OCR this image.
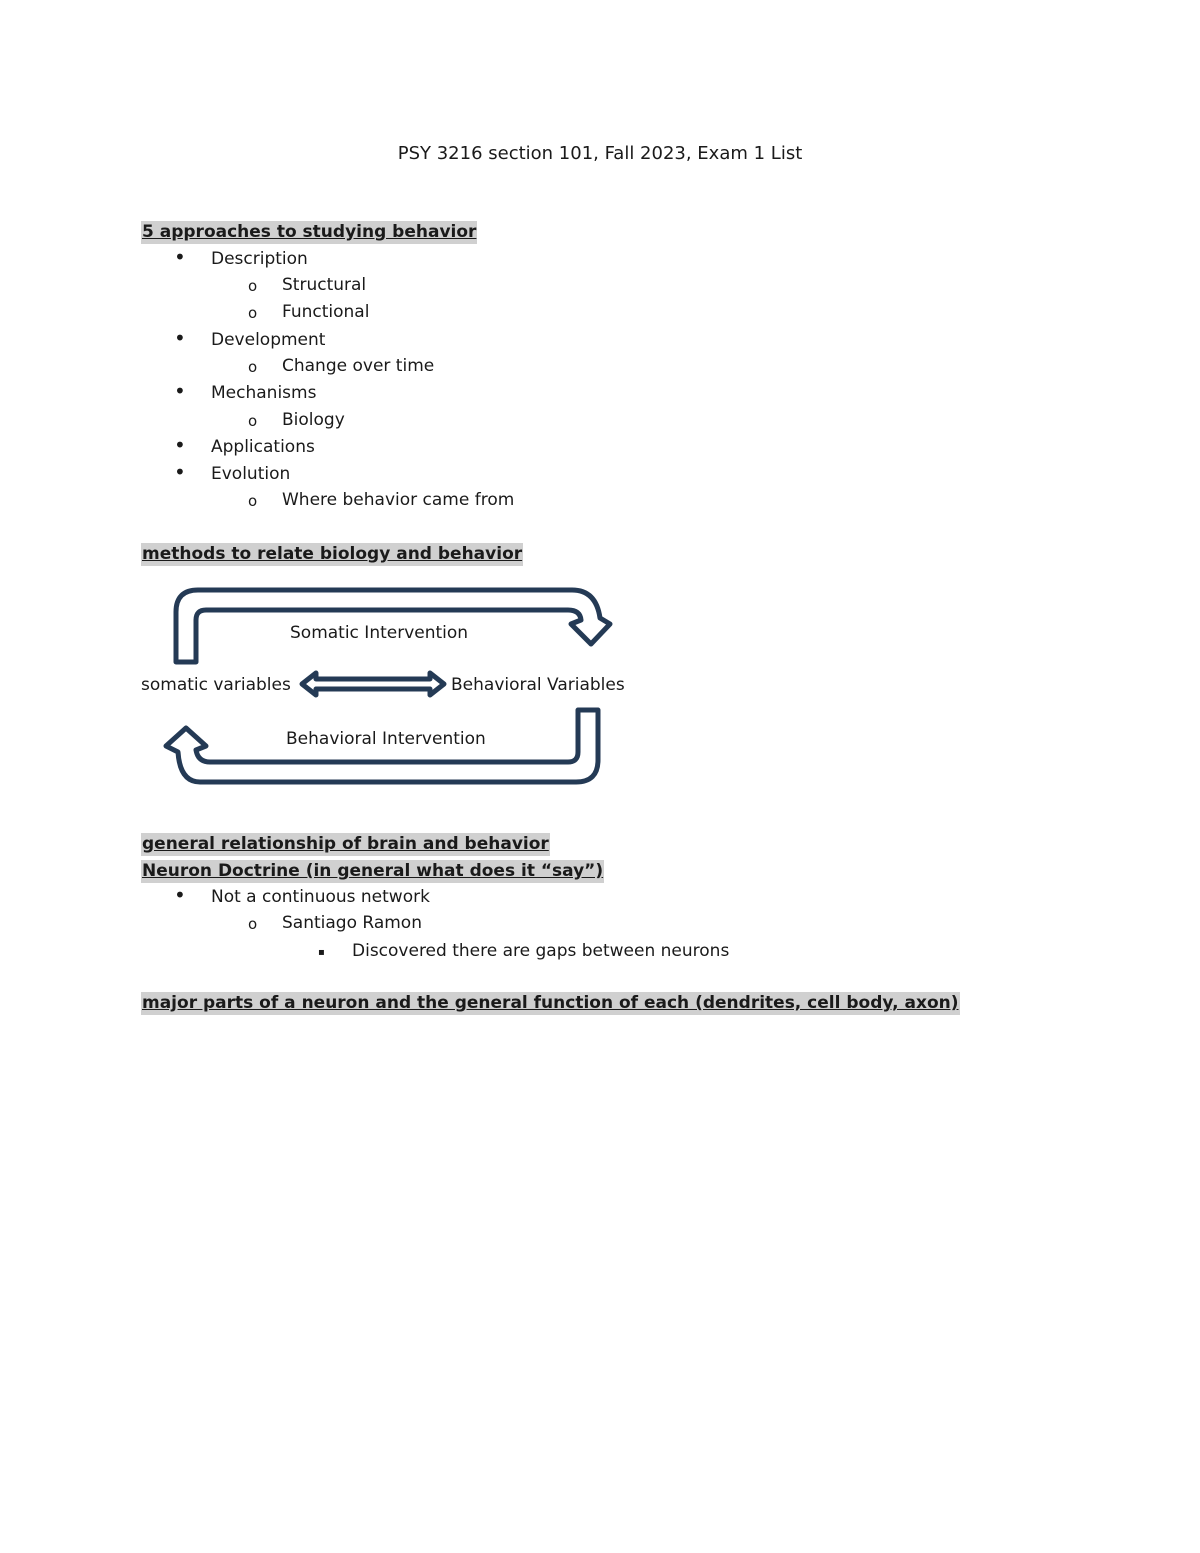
PSY 3216 section 101, Fall 2023, Exam 1 List
5 approaches to studying behavior
• Description
o Structural
o Functional
• Development
o Change over time
• Mechanisms
o Biology
• Applications
• Evolution
o Where behavior came from
methods to relate biology and behavior
Somatic Intervention
somatic variables	Behavioral Variables
Behavioral Intervention
general relationship of brain and behavior
Neuron Doctrine (in general what does it “say”)
• Not a continuous network
o Santiago Ramon
▪ Discovered there are gaps between neurons
major parts of a neuron and the general function of each (dendrites, cell body, axon)
